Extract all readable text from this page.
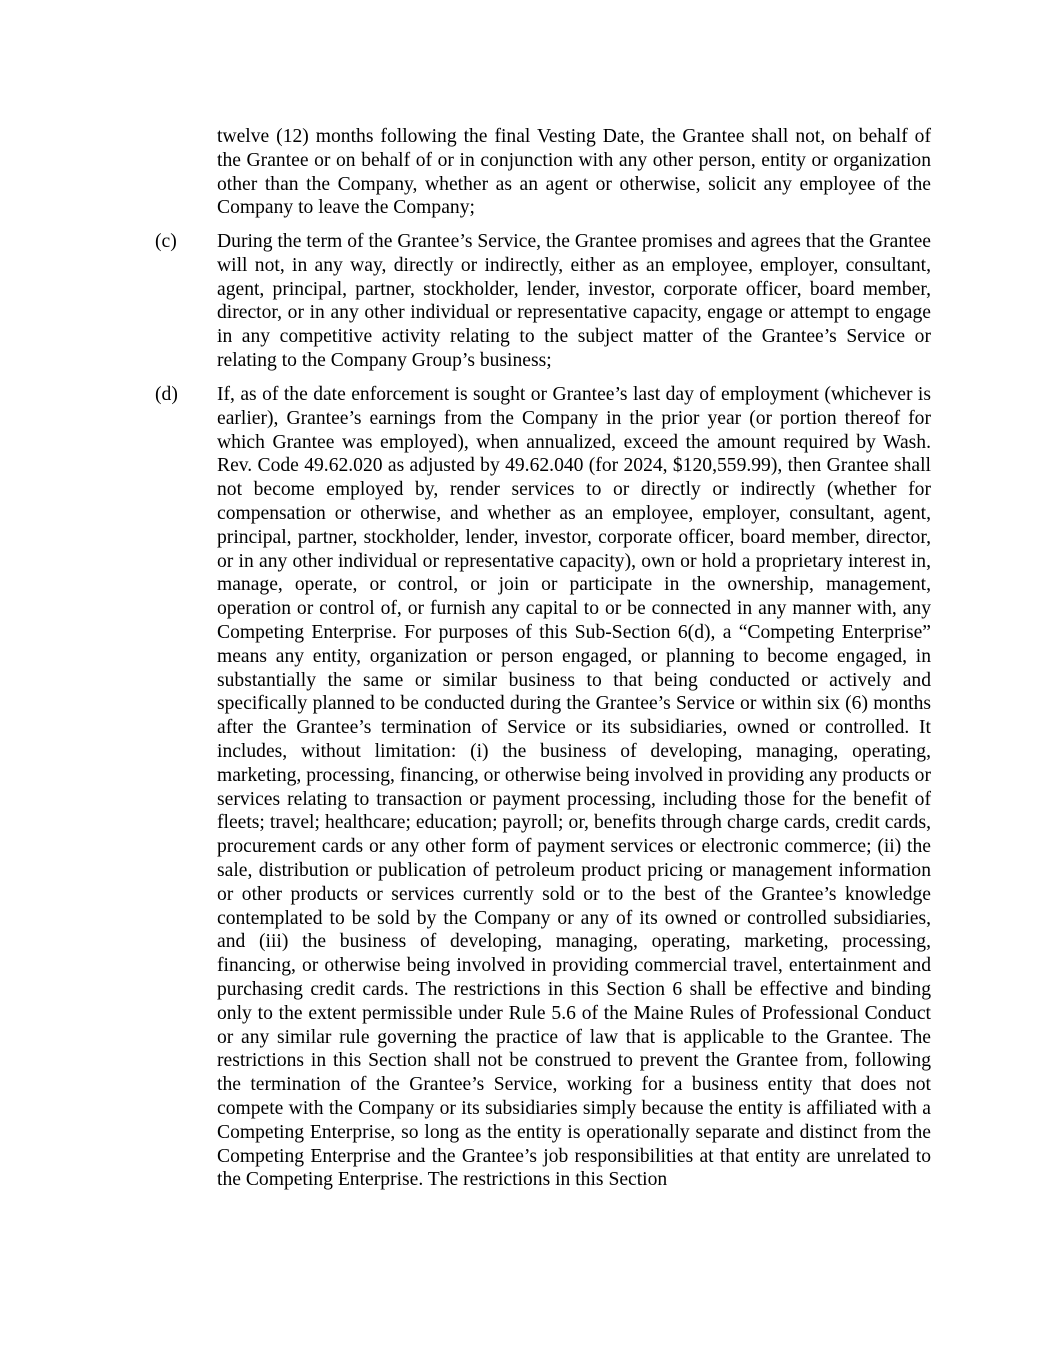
twelve (12) months following the final Vesting Date, the Grantee shall not, on behalf of the Grantee or on behalf of or in conjunction with any other person, entity or organization other than the Company, whether as an agent or otherwise, solicit any employee of the Company to leave the Company;

(c) During the term of the Grantee’s Service, the Grantee promises and agrees that the Grantee will not, in any way, directly or indirectly, either as an employee, employer, consultant, agent, principal, partner, stockholder, lender, investor, corporate officer, board member, director, or in any other individual or representative capacity, engage or attempt to engage in any competitive activity relating to the subject matter of the Grantee’s Service or relating to the Company Group’s business;

(d) If, as of the date enforcement is sought or Grantee’s last day of employment (whichever is earlier), Grantee’s earnings from the Company in the prior year (or portion thereof for which Grantee was employed), when annualized, exceed the amount required by Wash. Rev. Code 49.62.020 as adjusted by 49.62.040 (for 2024, $120,559.99), then Grantee shall not become employed by, render services to or directly or indirectly (whether for compensation or otherwise, and whether as an employee, employer, consultant, agent, principal, partner, stockholder, lender, investor, corporate officer, board member, director, or in any other individual or representative capacity), own or hold a proprietary interest in, manage, operate, or control, or join or participate in the ownership, management, operation or control of, or furnish any capital to or be connected in any manner with, any Competing Enterprise. For purposes of this Sub-Section 6(d), a “Competing Enterprise” means any entity, organization or person engaged, or planning to become engaged, in substantially the same or similar business to that being conducted or actively and specifically planned to be conducted during the Grantee’s Service or within six (6) months after the Grantee’s termination of Service or its subsidiaries, owned or controlled. It includes, without limitation: (i) the business of developing, managing, operating, marketing, processing, financing, or otherwise being involved in providing any products or services relating to transaction or payment processing, including those for the benefit of fleets; travel; healthcare; education; payroll; or, benefits through charge cards, credit cards, procurement cards or any other form of payment services or electronic commerce; (ii) the sale, distribution or publication of petroleum product pricing or management information or other products or services currently sold or to the best of the Grantee’s knowledge contemplated to be sold by the Company or any of its owned or controlled subsidiaries, and (iii) the business of developing, managing, operating, marketing, processing, financing, or otherwise being involved in providing commercial travel, entertainment and purchasing credit cards. The restrictions in this Section 6 shall be effective and binding only to the extent permissible under Rule 5.6 of the Maine Rules of Professional Conduct or any similar rule governing the practice of law that is applicable to the Grantee. The restrictions in this Section shall not be construed to prevent the Grantee from, following the termination of the Grantee’s Service, working for a business entity that does not compete with the Company or its subsidiaries simply because the entity is affiliated with a Competing Enterprise, so long as the entity is operationally separate and distinct from the Competing Enterprise and the Grantee’s job responsibilities at that entity are unrelated to the Competing Enterprise. The restrictions in this Section
